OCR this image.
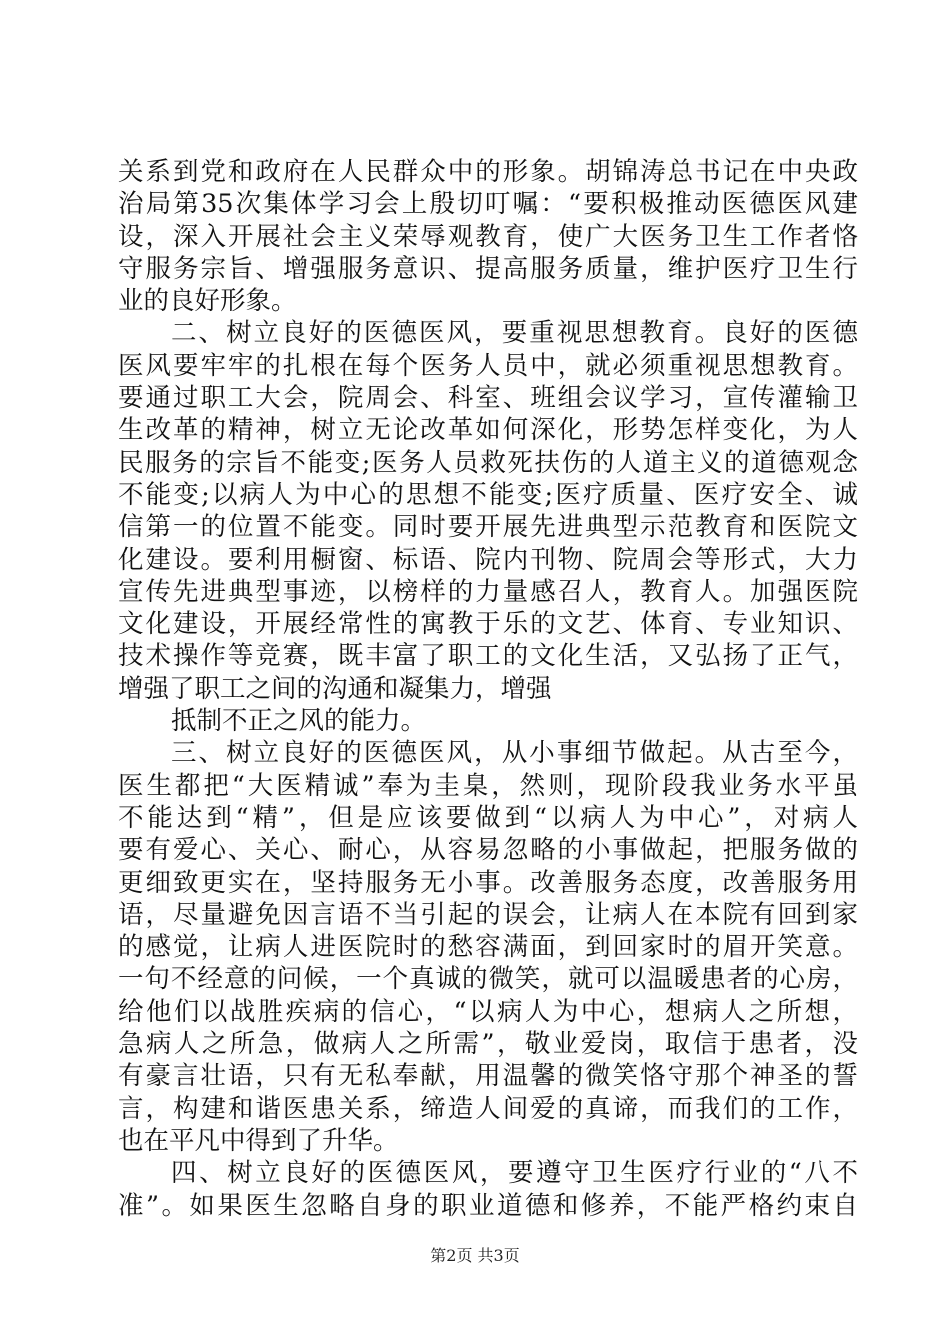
关系到党和政府在人民群众中的形象。胡锦涛总书记在中央政
治局第35次集体学习会上殷切叮嘱：“要积极推动医德医风建
设，深入开展社会主义荣辱观教育，使广大医务卫生工作者恪
守服务宗旨、增强服务意识、提高服务质量，维护医疗卫生行
业的良好形象。
二、树立良好的医德医风，要重视思想教育。良好的医德
医风要牢牢的扎根在每个医务人员中，就必须重视思想教育。
要通过职工大会，院周会、科室、班组会议学习，宣传灌输卫
生改革的精神，树立无论改革如何深化，形势怎样变化，为人
民服务的宗旨不能变;医务人员救死扶伤的人道主义的道德观念
不能变;以病人为中心的思想不能变;医疗质量、医疗安全、诚
信第一的位置不能变。同时要开展先进典型示范教育和医院文
化建设。要利用橱窗、标语、院内刊物、院周会等形式，大力
宣传先进典型事迹，以榜样的力量感召人，教育人。加强医院
文化建设，开展经常性的寓教于乐的文艺、体育、专业知识、
技术操作等竞赛，既丰富了职工的文化生活，又弘扬了正气，
增强了职工之间的沟通和凝集力，增强
抵制不正之风的能力。
三、树立良好的医德医风，从小事细节做起。从古至今，
医生都把“大医精诚”奉为圭臬，然则，现阶段我业务水平虽
不能达到“精”，但是应该要做到“以病人为中心”，对病人
要有爱心、关心、耐心，从容易忽略的小事做起，把服务做的
更细致更实在，坚持服务无小事。改善服务态度，改善服务用
语，尽量避免因言语不当引起的误会，让病人在本院有回到家
的感觉，让病人进医院时的愁容满面，到回家时的眉开笑意。
一句不经意的问候，一个真诚的微笑，就可以温暖患者的心房，
给他们以战胜疾病的信心，“以病人为中心，想病人之所想，
急病人之所急，做病人之所需”，敬业爱岗，取信于患者，没
有豪言壮语，只有无私奉献，用温馨的微笑恪守那个神圣的誓
言，构建和谐医患关系，缔造人间爱的真谛，而我们的工作，
也在平凡中得到了升华。
四、树立良好的医德医风，要遵守卫生医疗行业的“八不
准”。如果医生忽略自身的职业道德和修养，不能严格约束自
第2页 共3页
